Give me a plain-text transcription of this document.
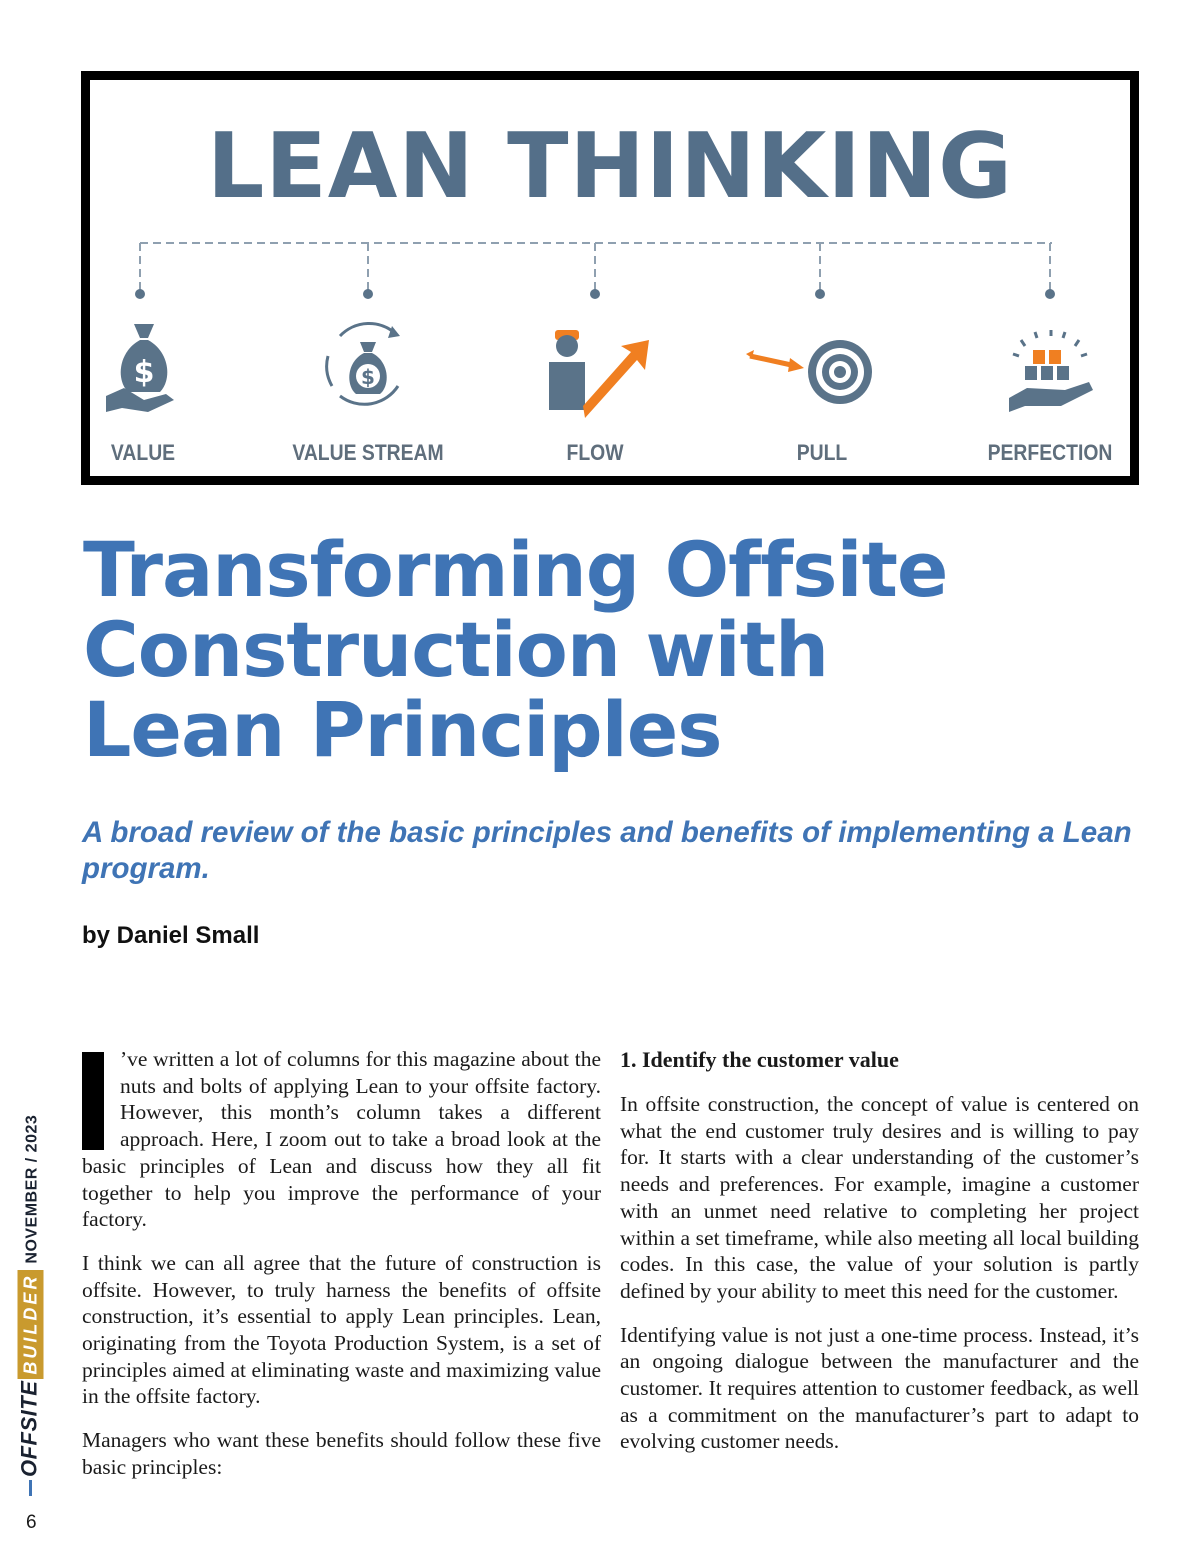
LEAN THINKING
$	$
VALUE	VALUE STREAM	FLOW	PULL	PERFECTION
Transforming Offsite
Construction with
Lean Principles

A broad review of the basic principles and benefits of implementing a Lean program.

by Daniel Small

’ve written a lot of columns for this magazine about the nuts and bolts of applying Lean to your offsite factory. However, this month’s column takes a different approach. Here, I zoom out to take a broad look at the basic principles of Lean and discuss how they all fit together to help you improve the performance of your factory.

I think we can all agree that the future of construction is offsite. However, to truly harness the benefits of offsite construction, it’s essential to apply Lean principles. Lean, originating from the Toyota Production System, is a set of principles aimed at eliminating waste and maximizing value in the offsite factory.

Managers who want these benefits should follow these five basic principles:

1. Identify the customer value

In offsite construction, the concept of value is centered on what the end customer truly desires and is willing to pay for. It starts with a clear understanding of the customer’s needs and preferences. For example, imagine a customer with an unmet need relative to completing her project within a set timeframe, while also meeting all local building codes. In this case, the value of your solution is partly defined by your ability to meet this need for the customer.

Identifying value is not just a one-time process. Instead, it’s an ongoing dialogue between the manufacturer and the customer. It requires attention to customer feedback, as well as a commitment on the manufacturer’s part to adapt to evolving customer needs.

OFFSITEBUILDERNOVEMBER / 2023
6
